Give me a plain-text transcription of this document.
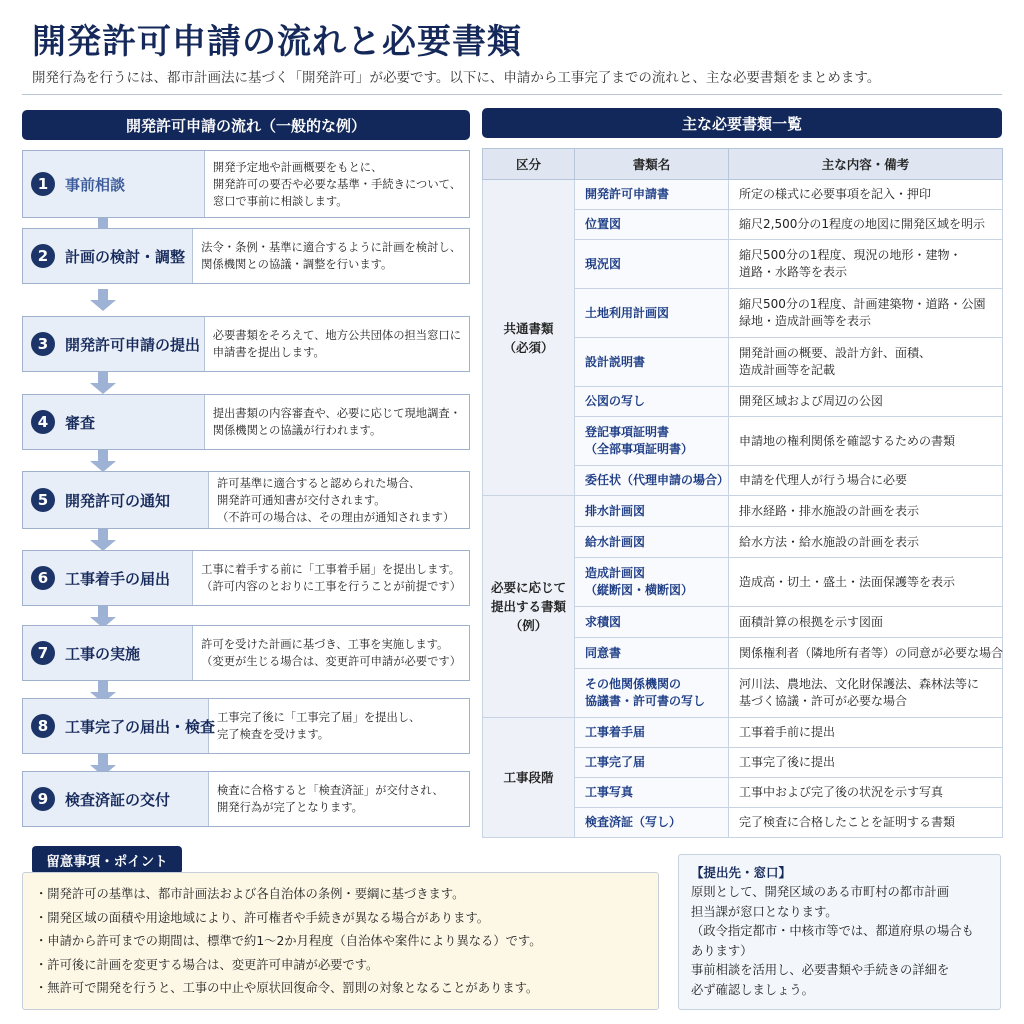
開発許可申請の流れと必要書類
開発行為を行うには、都市計画法に基づく「開発許可」が必要です。以下に、申請から工事完了までの流れと、主な必要書類をまとめます。
開発許可申請の流れ（一般的な例）	主な必要書類一覧
1	事前相談
開発予定地や計画概要をもとに、
開発許可の要否や必要な基準・手続きについて、
窓口で事前に相談します。
2	計画の検討・調整 法令・条例・基準に適合するように計画を検討し、
関係機関との協議・調整を行います。
3	開発許可申請の提出 必要書類をそろえて、地方公共団体の担当窓口に
申請書を提出します。
4	審査	提出書類の内容審査や、必要に応じて現地調査・
関係機関との協議が行われます。
5	開発許可の通知
許可基準に適合すると認められた場合、
開発許可通知書が交付されます。
（不許可の場合は、その理由が通知されます）
6	工事着手の届出	工事に着手する前に「工事着手届」を提出します。
（許可内容のとおりに工事を行うことが前提です）
7	工事の実施	許可を受けた計画に基づき、工事を実施します。
（変更が生じる場合は、変更許可申請が必要です）
8	工事完了の届出・検査 工事完了後に「工事完了届」を提出し、
完了検査を受けます。
9	検査済証の交付	検査に合格すると「検査済証」が交付され、
開発行為が完了となります。
区分	書類名	主な内容・備考

共通書類
（必須）	開発許可申請書	所定の様式に必要事項を記入・押印

	位置図	縮尺2,500分の1程度の地図に開発区域を明示

	現況図	縮尺500分の1程度、現況の地形・建物・
道路・水路等を表示

	土地利用計画図	縮尺500分の1程度、計画建築物・道路・公園
緑地・造成計画等を表示

	設計説明書	開発計画の概要、設計方針、面積、
造成計画等を記載

	公図の写し	開発区域および周辺の公図

	登記事項証明書
（全部事項証明書）	申請地の権利関係を確認するための書類

	委任状（代理申請の場合）	申請を代理人が行う場合に必要

必要に応じて
提出する書類
（例）	排水計画図	排水経路・排水施設の計画を表示

	給水計画図	給水方法・給水施設の計画を表示

	造成計画図
（縦断図・横断図）	造成高・切土・盛土・法面保護等を表示

	求積図	面積計算の根拠を示す図面

	同意書	関係権利者（隣地所有者等）の同意が必要な場合

	その他関係機関の
協議書・許可書の写し	河川法、農地法、文化財保護法、森林法等に
基づく協議・許可が必要な場合

工事段階	工事着手届	工事着手前に提出

	工事完了届	工事完了後に提出

	工事写真	工事中および完了後の状況を示す写真

	検査済証（写し）	完了検査に合格したことを証明する書類
留意事項・ポイント
・開発許可の基準は、都市計画法および各自治体の条例・要綱に基づきます。
・開発区域の面積や用途地域により、許可権者や手続きが異なる場合があります。
・申請から許可までの期間は、標準で約1〜2か月程度（自治体や案件により異なる）です。
・許可後に計画を変更する場合は、変更許可申請が必要です。
・無許可で開発を行うと、工事の中止や原状回復命令、罰則の対象となることがあります。
【提出先・窓口】
原則として、開発区域のある市町村の都市計画
担当課が窓口となります。
（政令指定都市・中核市等では、都道府県の場合も
あります）
事前相談を活用し、必要書類や手続きの詳細を
必ず確認しましょう。
